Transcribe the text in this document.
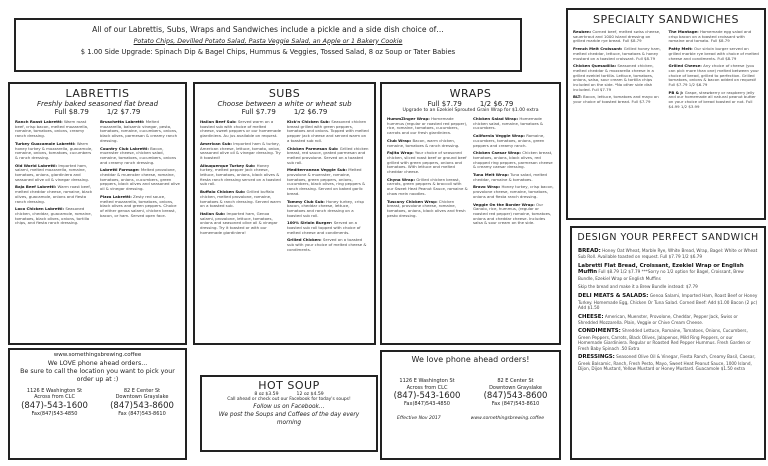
All of our Labrettis, Subs, Wraps and Sandwiches include a pickle and a side dish choice of…
Potato Chips, Devilled Potato Salad, Pasta Veggie Salad, an Apple or 1 Bakery Cookie
$ 1.00 Side Upgrade: Spinach Dip & Bagel Chips, Hummus & Veggies, Tossed Salad, 8 oz Soup or Tater Babies
LABRETTIS
Freshly baked seasoned flat bread
Full $8.79	1/2 $7.79
Ranch Roast Labretti: Warm roast beef, crisp bacon, melted mozzarella, romaine, tomatoes, onions, creamy ranch dressing.
Turkey Guacamole Labretti: Warm honey turkey & mozzarella, guacamole, romaine, onions, tomatoes, cucumbers & ranch dressing.
Old World Labretti: Imported ham, salami, melted mozzarella, romaine, tomatoes, onions, giardiniera and seasoned olive oil & vinegar dressing.
Baja Beef Labretti: Warm roast beef, melted cheddar cheese, romaine, black olives, guacamole, onions and fiesta ranch dressing.
Loco Chicken Labretti: Seasoned chicken, cheddar, guacamole, romaine, tomatoes, black olives, onions, tortilla chips, and fiesta ranch dressing.
Bruschetta Labretti: Melted mozzarella, balsamic vinegar, pesto, tomatoes, romaine, cucumbers, onions, black olives, parmesan & creamy ranch dressing.
Country Club Labretti: Bacon, muenster cheese, chicken salad, romaine, tomatoes, cucumbers, onions and creamy ranch dressing.
Labretti Formage: Melted provolone, cheddar & muenster cheese, romaine, tomatoes, onions, cucumbers, green peppers, black olives and seasoned olive oil & vinegar dressing.
Pizza Labretti: Zesty red sauce, melted mozzarella, tomatoes, onions, black olives and green peppers. Choice of either genoa salami, chicken breast, bacon, or ham. Served open face.
SUBS
Choose between a white or wheat sub
Full $7.79	1/2 $6.79
Italian Beef Sub: Served warm on a toasted sub with choice of melted cheese, sweet peppers or our homemade giardiniera. Au jus available on request.
American Sub: Imported ham & turkey, American cheese, lettuce, tomato, onion, seasoned olive oil & vinegar dressing. Try it toasted!
Albuquerque Turkey Sub: Honey turkey, melted pepper jack cheese, lettuce, tomatoes, onions, black olives & fiesta ranch dressing served on a toasted sub roll.
Buffalo Chicken Sub: Grilled buffalo chicken, melted provolone, romaine, tomatoes & ranch dressing. Served warm on a toasted sub.
Italian Sub: Imported ham, Genoa salami, provolone, lettuce, tomatoes, onions and seasoned olive oil & vinegar dressing. Try it toasted or with our homemade giardiniera!
Kick'n Chicken Sub: Seasoned chicken breast grilled with green peppers, tomatoes and onions. Topped with melted pepper jack cheese and served warm on a toasted sub roll.
Chicken Parmesan Sub: Grilled chicken breast, red sauce, grated parmesan and melted provolone. Served on a toasted sub roll.
Mediterranean Veggie Sub: Melted provolone & muenster, romaine, tomatoes, green peppers, onions, cucumbers, black olives, ring peppers & ranch dressing. Served on baked garlic bread.
Tommy Club Sub: Honey turkey, crisp bacon, cheddar cheese, lettuce, tomatoes and ranch dressing on a toasted sub roll.
100% Sirloin Burger: Served on a toasted sub roll topped with choice of melted cheese and condiments.
Grilled Chicken: Served on a toasted sub with your choice of melted cheese & condiments.
WRAPS
Full $7.79	1/2 $6.79
Upgrade to an Ezekiel Sprouted Grain Wrap for $1.00 extra
HummZinger Wrap: Homemade hummus (regular or roasted red pepper), rice, romaine, tomatoes, cucumbers, carrots and our fresh giardiniera.
Club Wrap: Bacon, warm chicken, romaine, tomatoes & ranch dressing.
Fajita Wrap: Your choice of seasoned chicken, sliced roast beef or ground beef grilled with green peppers, onions and tomatoes. With lettuce and melted cheddar cheese.
Chyna Wrap: Grilled chicken breast, carrots, green peppers & broccoli with our Sweet Heat Peanut Sauce, romaine & chow mein noodles.
Tuscany Chicken Wrap: Chicken breast, provolone cheese, romaine, tomatoes, onions, black olives and fresh pesto dressing.
Chicken Salad Wrap: Homemade chicken salad, romaine, tomatoes & cucumbers.
California Veggie Wrap: Romaine, cucumbers, tomatoes, onions, green peppers and creamy ranch.
Chicken Caesar Wrap: Chicken breast, tomatoes, onions, black olives, red chopped ring peppers, parmesan cheese & creamy caesar dressing.
Tuna Melt Wrap: Tuna salad, melted cheddar, romaine & tomatoes.
Bravo Wrap: Honey turkey, crisp bacon, provolone cheese, romaine, tomatoes, onions and fiesta ranch dressing.
Veggie On the Border Wrap: Our Ganolo, rice, hummus, (regular or roasted red pepper) romaine, tomatoes, onions and cheddar cheese. Includes salsa & sour cream on the side.
SPECIALTY SANDWICHES
Reuben: Corned beef, melted swiss cheese, sauerkraut and 1000 island dressing on grilled marble rye bread. Full $8.79
French Melt Croissant: Grilled honey ham, melted cheddar, lettuce, tomatoes & honey mustard on a toasted croissant. Full $8.79
Chicken Quesadilla: Seasoned chicken, melted cheddar & mozzarella cheese in a grilled ezekiel tortilla. Lettuce, tomatoes, onions, salsa, sour cream & tortilla chips included on the side. *No other side dish included. Full $7.79
BLT: Bacon, lettuce, tomatoes and mayo on your choice of toasted bread. Full $7.79
The Montage: Homemade egg salad and crisp bacon on a toasted croissant with romaine and tomato. Full $8.79
Patty Melt: Our sirloin burger served on grilled marble rye bread with choice of melted cheese and condiments. Full $8.79
Grilled Cheese: Any choice of cheese (you can pick more than one) melted between your choice of bread, grilled to perfection. Grilled tomatoes, onions & bacon added on request! Full $7.79 1/2 $6.79
PB & J: Grape, strawberry or raspberry jelly and our homemade all natural peanut butter on your choice of bread toasted or not. Full $4.99 1/2 $3.99
DESIGN YOUR PERFECT SANDWICH
BREAD: Honey Oat Wheat, Marble Rye, White Bread, Wrap, Bagel: White or Wheat Sub Roll. Available toasted on request. Full $7.79 1/2 $6.79
Labretti Flat Bread, Croissant, Ezekiel Wrap or English Muffin Full $8.79 1/2 $7.79 ***Sorry no 1/2 option for Bagel, Croissant, Brew Bundle, Ezekiel Wrap or English Muffins
Skip the bread and make it a Brew Bundle instead: $7.79
DELI MEATS & SALADS: Genoa Salami, Imported Ham, Roast Beef or Honey Turkey. Homemade Egg, Chicken Or Tuna Salad. Corned Beef: Add $1.00 Bacon (2 pc) Add $1.50
CHEESE: American, Muenster, Provolone, Cheddar, Pepper Jack, Swiss or Shredded Mozzarella. Plain, Veggie or Chive Cream Cheese.
CONDIMENTS: Shredded Lettuce, Romaine, Tomatoes, Onions, Cucumbers, Green Peppers, Carrots, Black Olives, Jalapenos, Mild Ring Peppers, or our Homemade Giardiniera. Regular or Roasted Red Pepper Hummus. Fresh Garden or Fresh Baby Spinach .50 Extra
DRESSINGS: Seasoned Olive Oil & Vinegar, Fiesta Ranch, Creamy Basil, Caesar, Greek Balsamic, Ranch, Fresh Pesto, Mayo, Sweet Heat Peanut Sauce, 1000 Island, Dijon, Dijon Mustard, Yellow Mustard or Honey Mustard. Guacamole $1.50 extra
www.somethingsbrewing.coffee
We LOVE phone ahead orders...
Be sure to call the location you want to pick your order up at :)
1126 E Washington St
Across from CLC
(847)-543-1600
Fax(847)543-4850
82 E Center St
Downtown Grayslake
(847)543-8600
Fax (847)543-8610
HOT SOUP
8 oz $3.59	12 oz $4.59
Call ahead or check out our Facebook for today's soups!
Follow us on Facebook…
We post the Soups and Coffees of the day every morning
We love phone ahead orders!
1126 E Washington St
Across from CLC
(847)-543-1600
Fax(847)543-4850
82 E Center St
Downtown Grayslake
(847)543-8600
Fax (847)543-8610
Effective Nov 2017	www.somethingsbrewing.coffee
